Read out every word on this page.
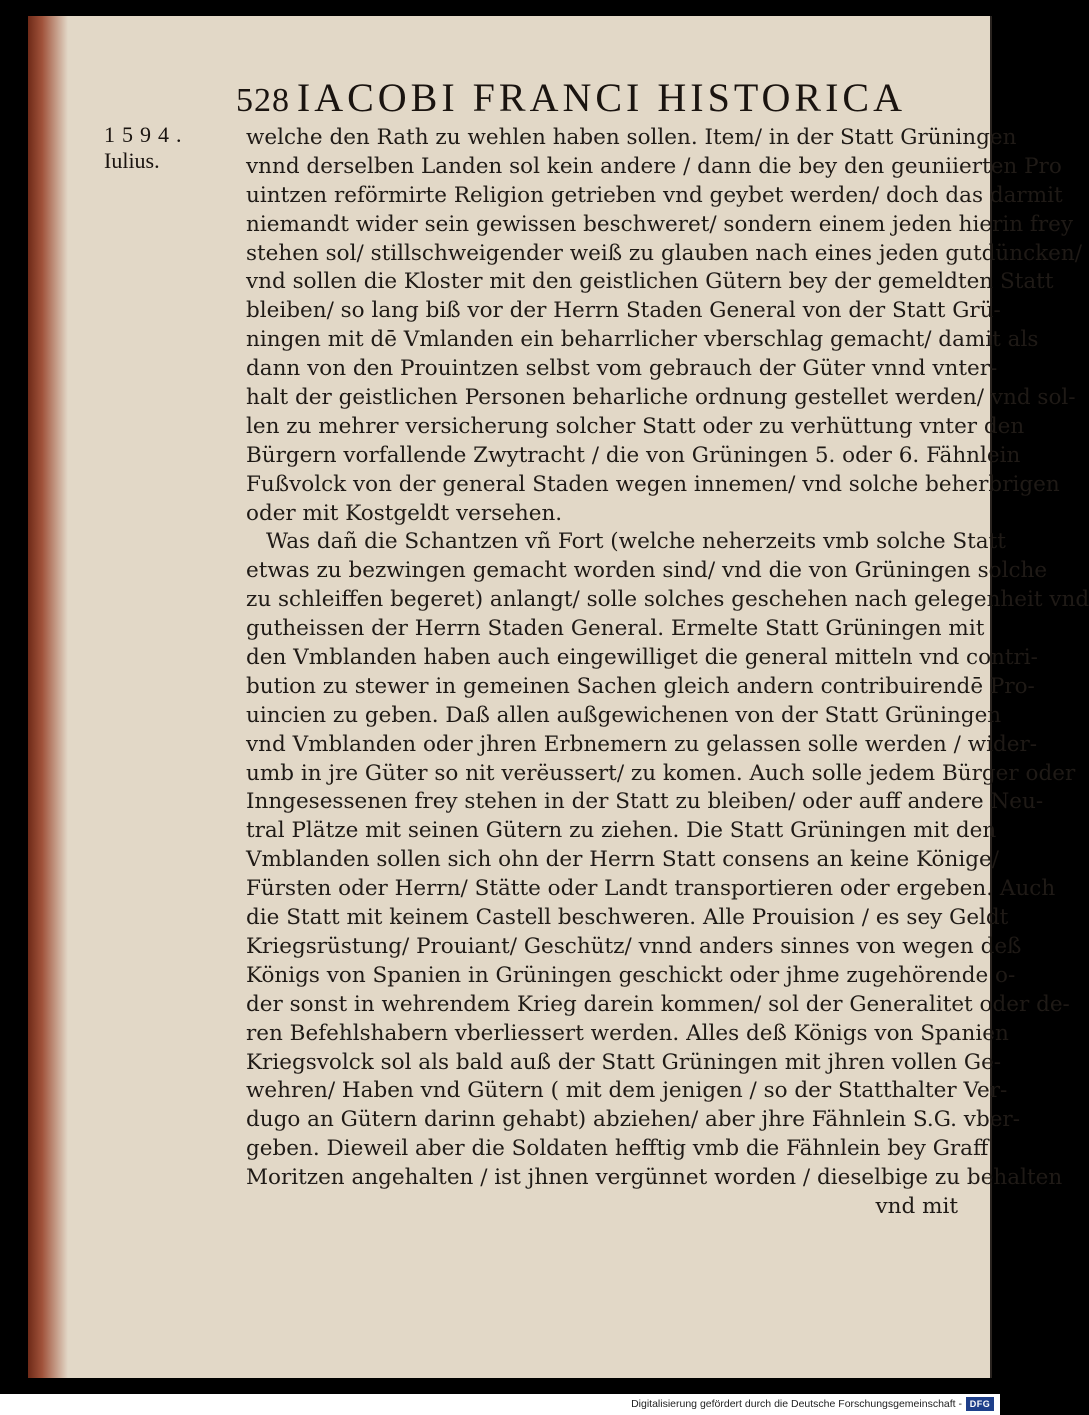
528 IACOBI FRANCI HISTORICA
1594.
Iulius.
welche den Rath zu wehlen haben sollen. Item/ in der Statt Grüningen
vnnd derselben Landen sol kein andere / dann die bey den geuniierten Pro
uintzen reförmirte Religion getrieben vnd geybet werden/ doch das darmit
niemandt wider sein gewissen beschweret/ sondern einem jeden hierin frey
stehen sol/ stillschweigender weiß zu glauben nach eines jeden gutdüncken/
vnd sollen die Kloster mit den geistlichen Gütern bey der gemeldten Statt
bleiben/ so lang biß vor der Herrn Staden General von der Statt Grü-
ningen mit dē Vmlanden ein beharrlicher vberschlag gemacht/ damit als
dann von den Prouintzen selbst vom gebrauch der Güter vnnd vnter-
halt der geistlichen Personen beharliche ordnung gestellet werden/ vnd sol-
len zu mehrer versicherung solcher Statt oder zu verhüttung vnter den
Bürgern vorfallende Zwytracht / die von Grüningen 5. oder 6. Fähnlein
Fußvolck von der general Staden wegen innemen/ vnd solche beherbrigen
oder mit Kostgeldt versehen.
Was dañ die Schantzen vñ Fort (welche neherzeits vmb solche Statt
etwas zu bezwingen gemacht worden sind/ vnd die von Grüningen solche
zu schleiffen begeret) anlangt/ solle solches geschehen nach gelegenheit vnd
gutheissen der Herrn Staden General. Ermelte Statt Grüningen mit
den Vmblanden haben auch eingewilliget die general mitteln vnd contri-
bution zu stewer in gemeinen Sachen gleich andern contribuirendē Pro-
uincien zu geben. Daß allen außgewichenen von der Statt Grüningen
vnd Vmblanden oder jhren Erbnemern zu gelassen solle werden / wider-
umb in jre Güter so nit verëussert/ zu komen. Auch solle jedem Bürger oder
Inngesessenen frey stehen in der Statt zu bleiben/ oder auff andere Neu-
tral Plätze mit seinen Gütern zu ziehen. Die Statt Grüningen mit den
Vmblanden sollen sich ohn der Herrn Statt consens an keine Könige/
Fürsten oder Herrn/ Stätte oder Landt transportieren oder ergeben. Auch
die Statt mit keinem Castell beschweren. Alle Prouision / es sey Geldt
Kriegsrüstung/ Prouiant/ Geschütz/ vnnd anders sinnes von wegen deß
Königs von Spanien in Grüningen geschickt oder jhme zugehörende o-
der sonst in wehrendem Krieg darein kommen/ sol der Generalitet oder de-
ren Befehlshabern vberliessert werden. Alles deß Königs von Spanien
Kriegsvolck sol als bald auß der Statt Grüningen mit jhren vollen Ge-
wehren/ Haben vnd Gütern ( mit dem jenigen / so der Statthalter Ver-
dugo an Gütern darinn gehabt) abziehen/ aber jhre Fähnlein S.G. vber-
geben. Dieweil aber die Soldaten hefftig vmb die Fähnlein bey Graff
Moritzen angehalten / ist jhnen vergünnet worden / dieselbige zu behalten
vnd mit
Digitalisierung gefördert durch die Deutsche Forschungsgemeinschaft - DFG
